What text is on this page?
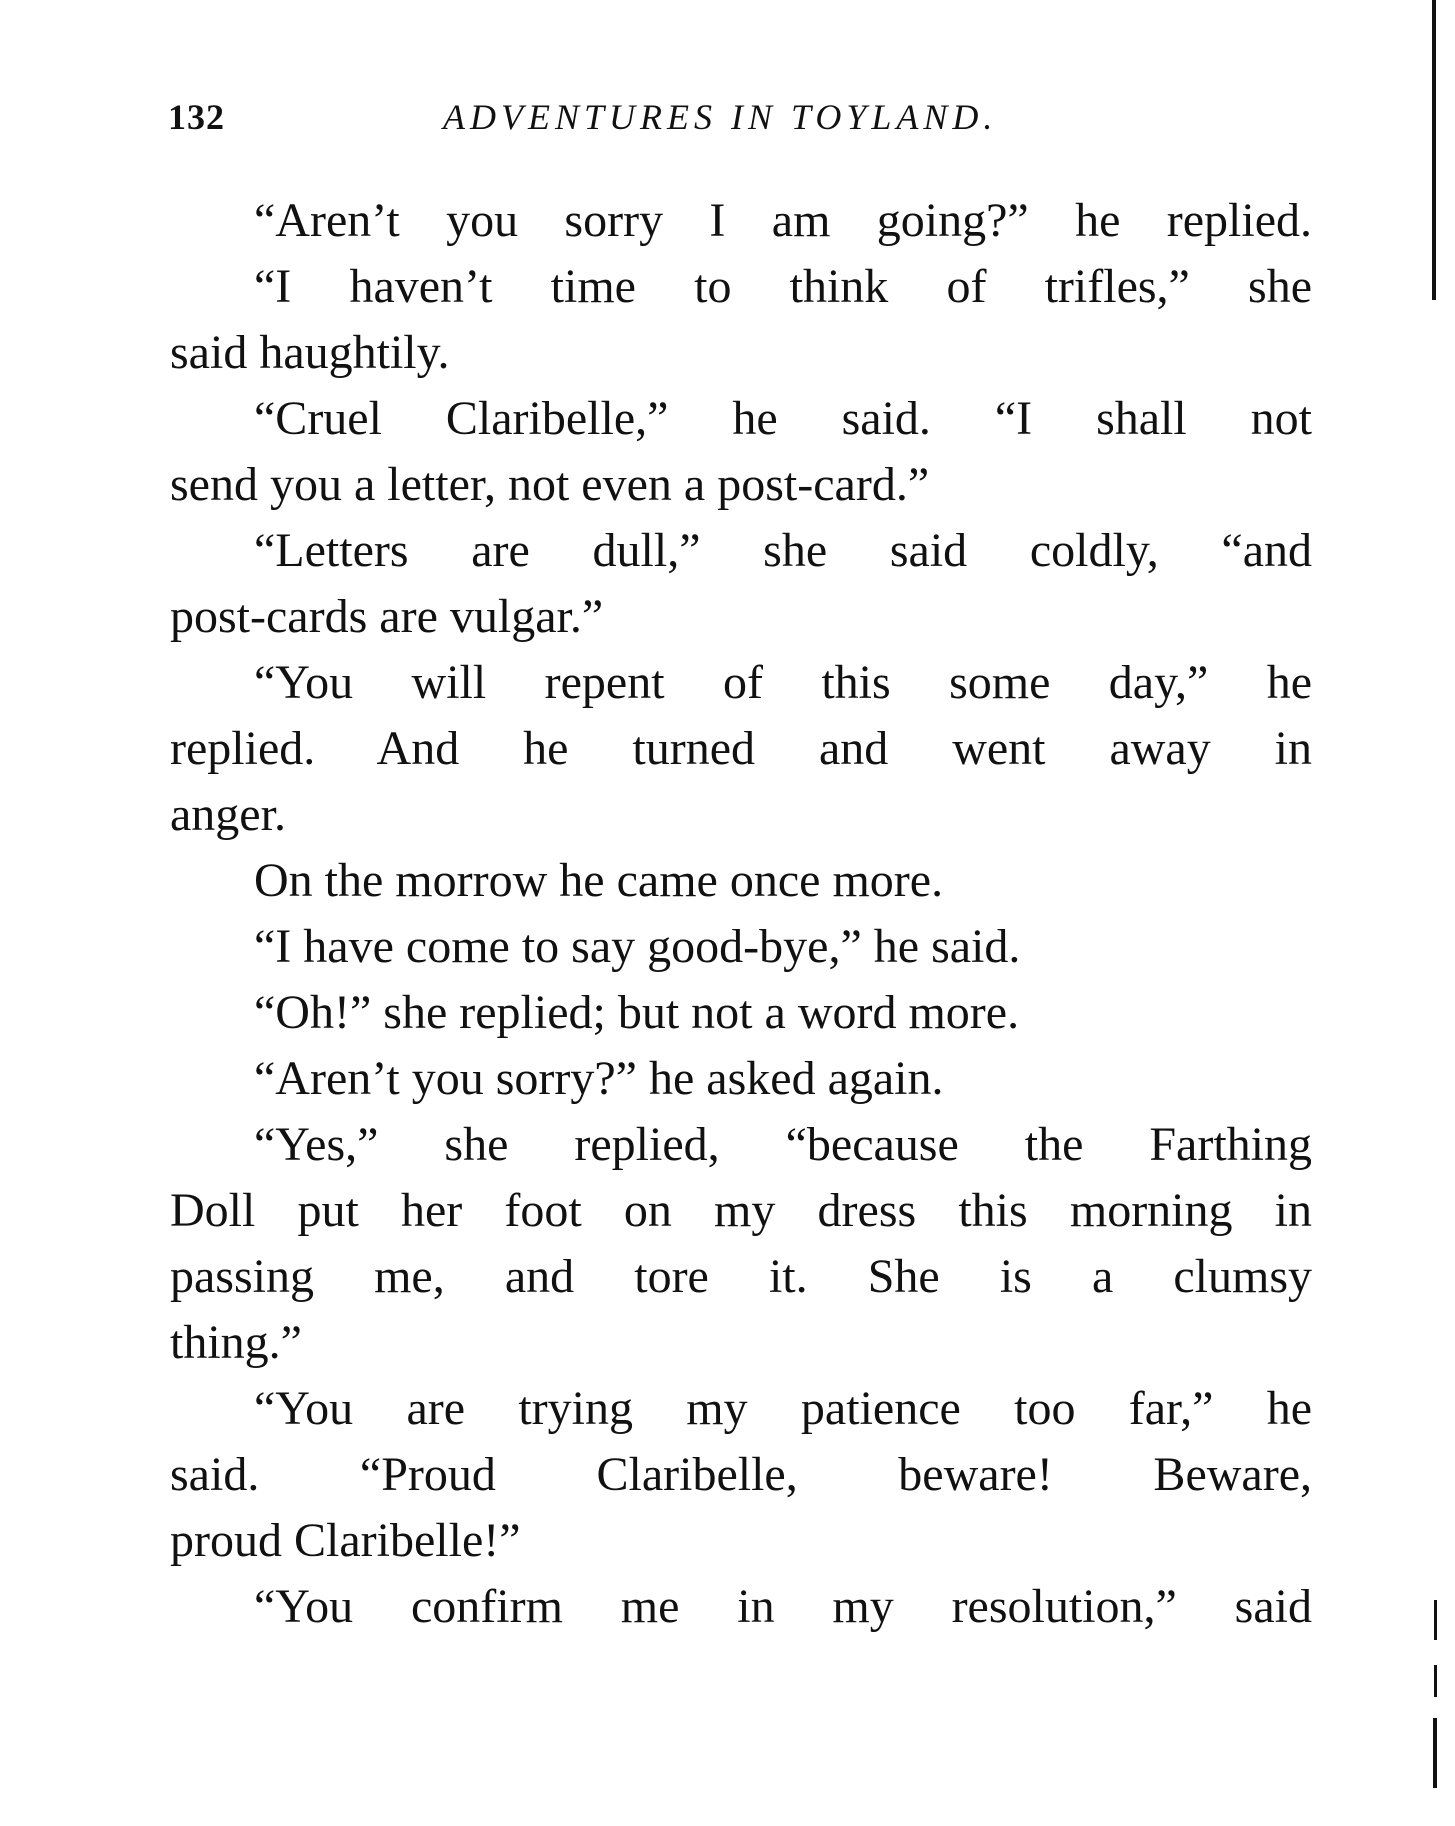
132	ADVENTURES IN TOYLAND.
“Aren’t you sorry I am going?” he replied.
“I haven’t time to think of trifles,” she
said haughtily.
“Cruel Claribelle,” he said. “I shall not
send you a letter, not even a post-card.”
“Letters are dull,” she said coldly, “and
post-cards are vulgar.”
“You will repent of this some day,” he
replied. And he turned and went away in
anger.
On the morrow he came once more.
“I have come to say good-bye,” he said.
“Oh!” she replied; but not a word more.
“Aren’t you sorry?” he asked again.
“Yes,” she replied, “because the Farthing
Doll put her foot on my dress this morning in
passing me, and tore it. She is a clumsy
thing.”
“You are trying my patience too far,” he
said. “Proud Claribelle, beware! Beware,
proud Claribelle!”
“You confirm me in my resolution,” said
